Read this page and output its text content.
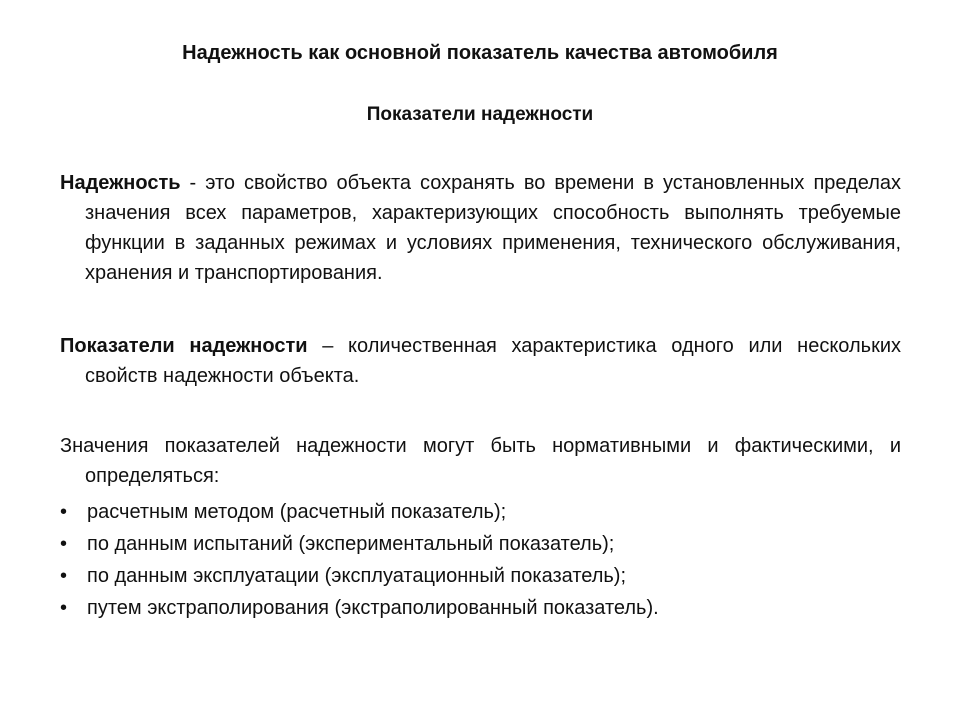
Надежность как основной показатель качества автомобиля
Показатели надежности

Надежность - это свойство объекта сохранять во времени в установленных пределах значения всех параметров, характеризующих способность выполнять требуемые функции в заданных режимах и условиях применения, технического обслуживания, хранения и транспортирования.

Показатели надежности – количественная характеристика одного или нескольких свойств надежности объекта.

Значения показателей надежности могут быть нормативными и фактическими, и определяться:

• расчетным методом (расчетный показатель);
• по данным испытаний (экспериментальный показатель);
• по данным эксплуатации (эксплуатационный показатель);
• путем экстраполирования (экстраполированный показатель).
